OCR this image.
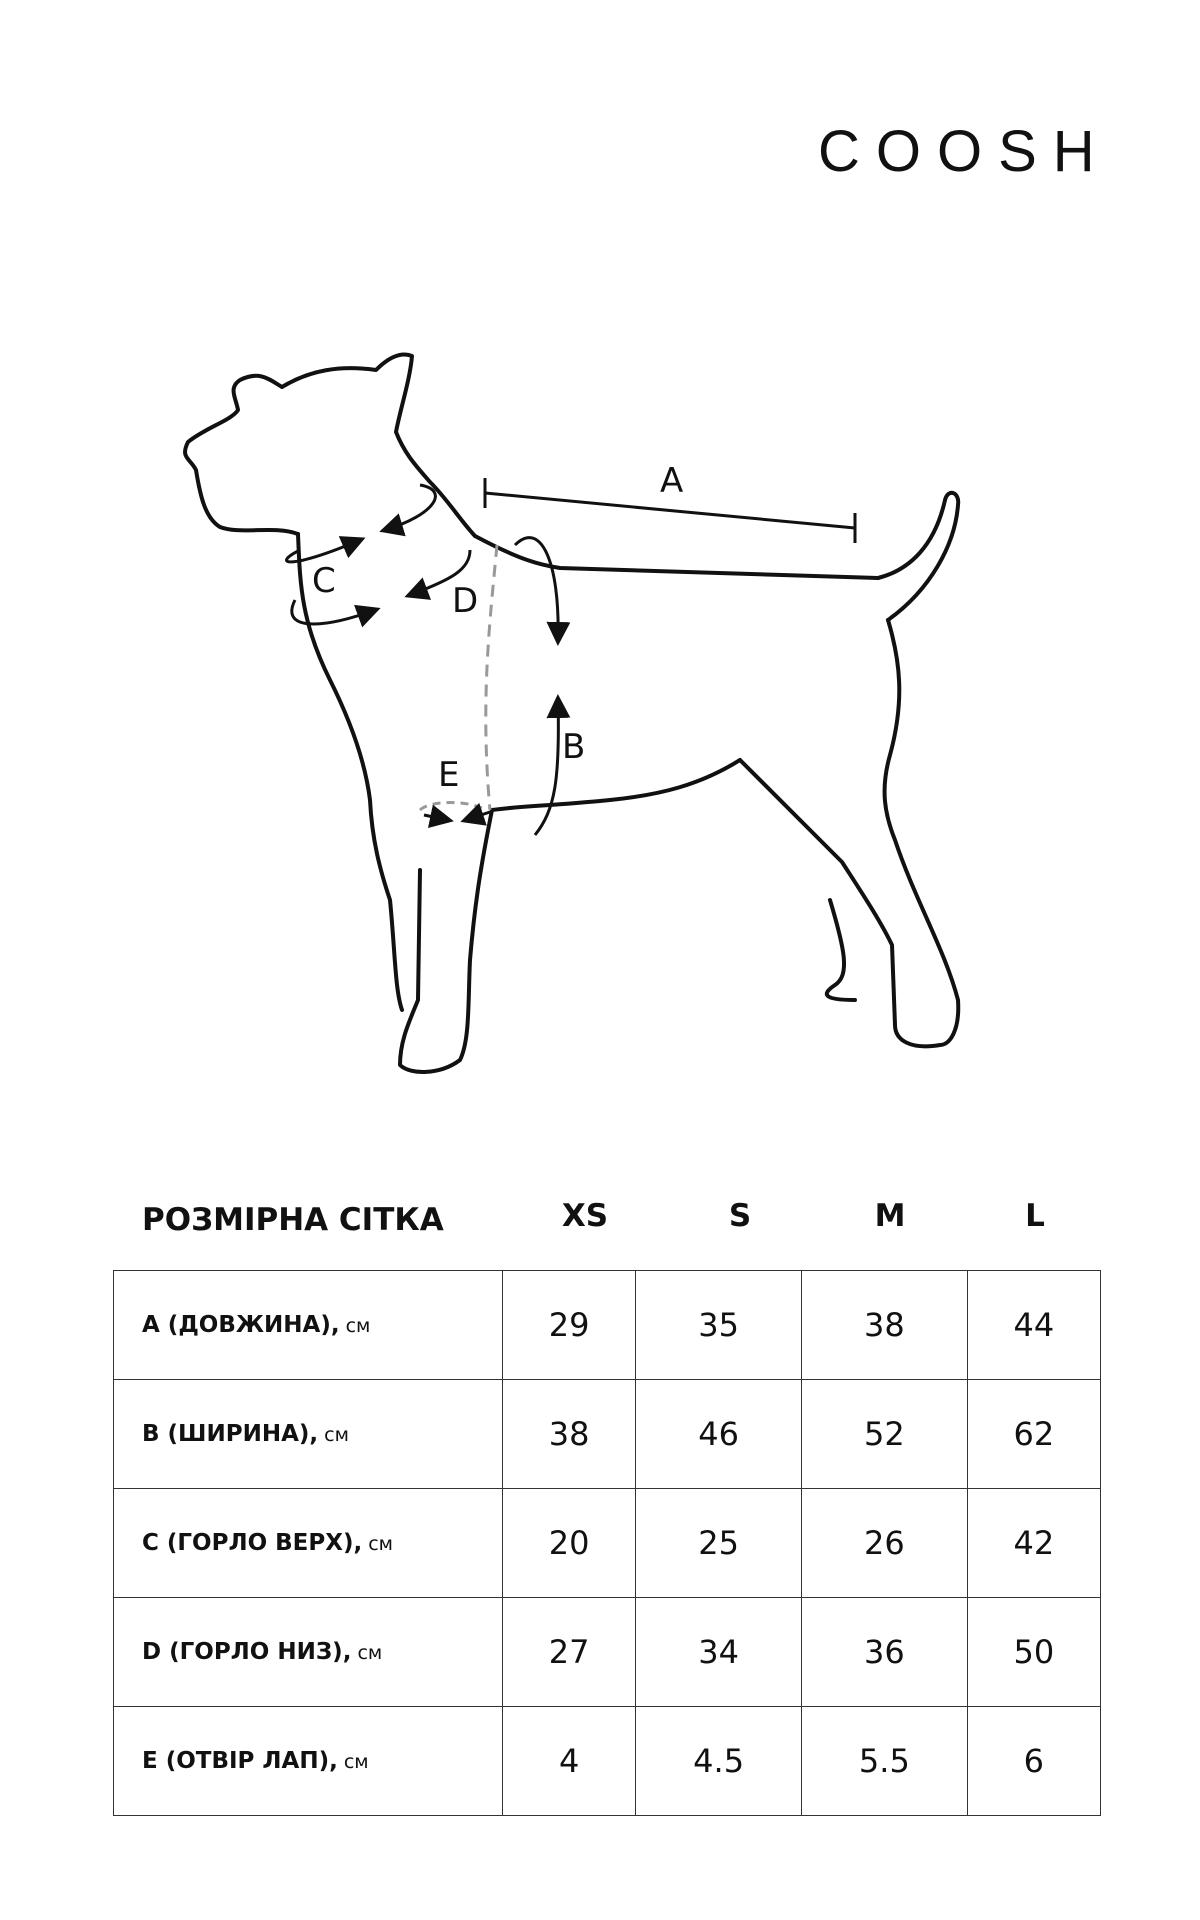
COOSH
A
B
C	D
E
РОЗМІРНА СІТКА	XS	S	M	L
A (ДОВЖИНА), см	29	35	38	44
B (ШИРИНА), см	38	46	52	62
C (ГОРЛО ВЕРХ), см	20	25	26	42
D (ГОРЛО НИЗ), см	27	34	36	50
E (ОТВІР ЛАП), см	4	4.5	5.5	6
